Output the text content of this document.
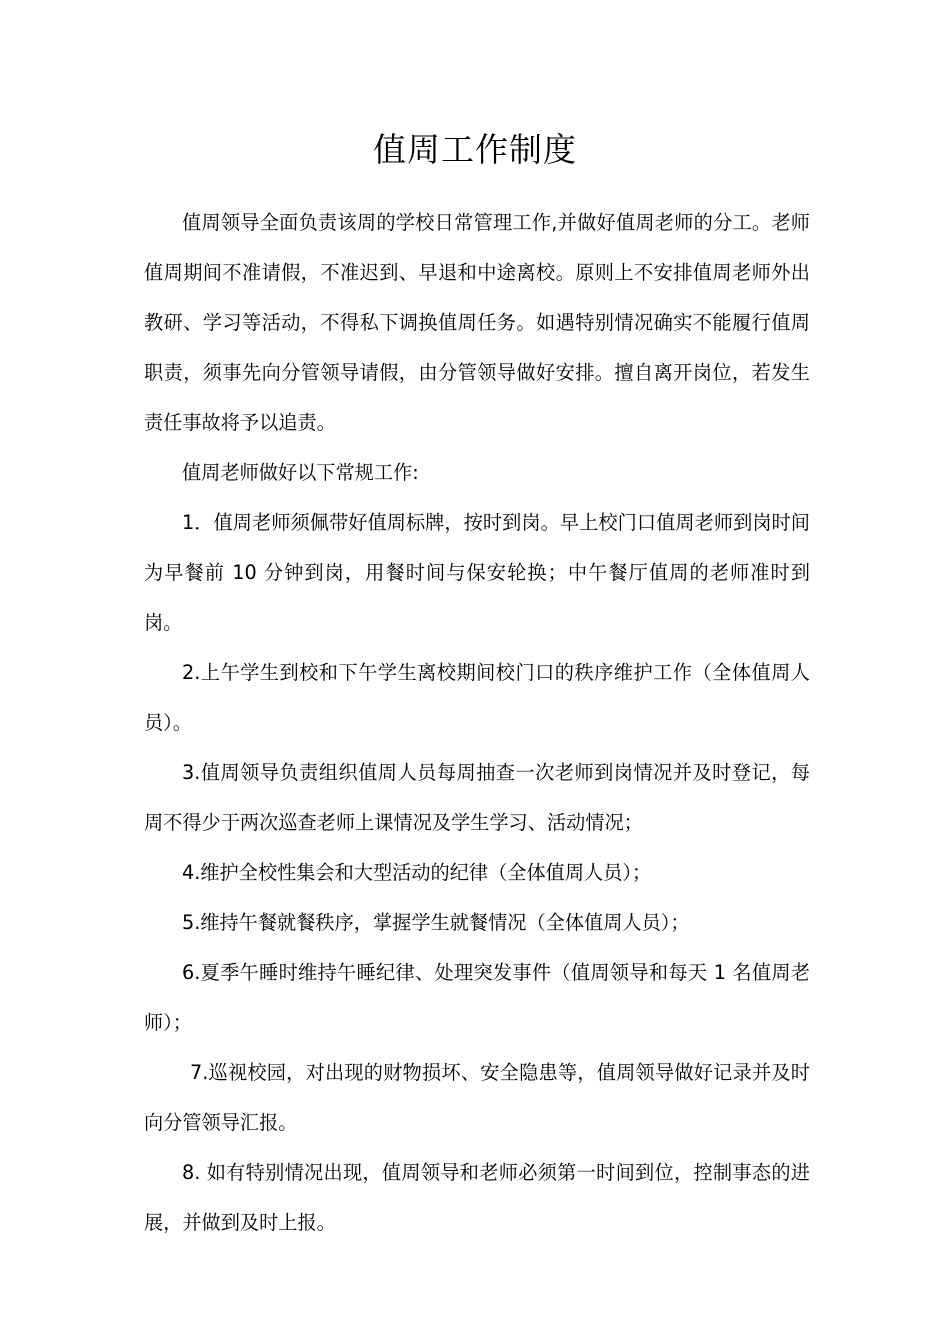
值周工作制度

值周领导全面负责该周的学校日常管理工作,并做好值周老师的分工。老师值周期间不准请假，不准迟到、早退和中途离校。原则上不安排值周老师外出教研、学习等活动，不得私下调换值周任务。如遇特别情况确实不能履行值周职责，须事先向分管领导请假，由分管领导做好安排。擅自离开岗位，若发生责任事故将予以追责。

值周老师做好以下常规工作:

1．值周老师须佩带好值周标牌，按时到岗。早上校门口值周老师到岗时间为早餐前 10 分钟到岗，用餐时间与保安轮换；中午餐厅值周的老师准时到岗。

2.上午学生到校和下午学生离校期间校门口的秩序维护工作（全体值周人员）。

3.值周领导负责组织值周人员每周抽查一次老师到岗情况并及时登记，每周不得少于两次巡查老师上课情况及学生学习、活动情况；

4.维护全校性集会和大型活动的纪律（全体值周人员）；

5.维持午餐就餐秩序，掌握学生就餐情况（全体值周人员）；

6.夏季午睡时维持午睡纪律、处理突发事件（值周领导和每天 1 名值周老师）；

7.巡视校园，对出现的财物损坏、安全隐患等，值周领导做好记录并及时向分管领导汇报。

8. 如有特别情况出现，值周领导和老师必须第一时间到位，控制事态的进展，并做到及时上报。
